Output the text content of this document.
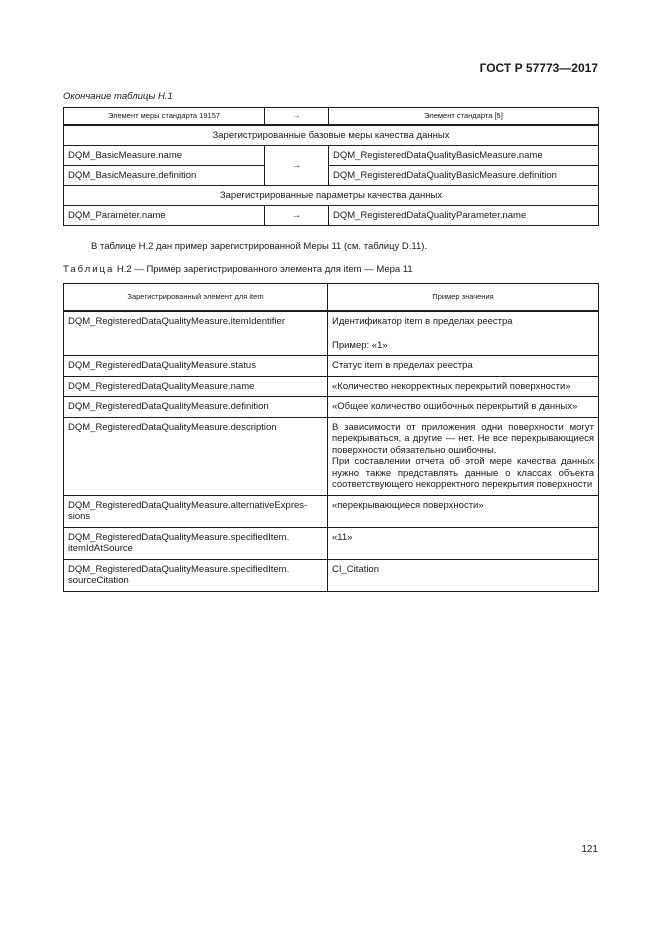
ГОСТ Р 57773—2017
Окончание таблицы Н.1
Элемент меры стандарта 19157	→	Элемент стандарта [5]
Зарегистрированные базовые меры качества данных		
DQM_BasicMeasure.name	→	DQM_RegisteredDataQualityBasicMeasure.name
DQM_BasicMeasure.definition		DQM_RegisteredDataQualityBasicMeasure.definition
Зарегистрированные параметры качества данных		
DQM_Parameter.name	→	DQM_RegisteredDataQualityParameter.name
В таблице Н.2 дан пример зарегистрированной Меры 11 (см. таблицу D.11).
Таблица Н.2 — Пример зарегистрированного элемента для item — Мера 11
Зарегистрированный элемент для item	Пример значения
DQM_RegisteredDataQualityMeasure.itemIdentifier	Идентификатор item в пределах реестра
Пример: «1»

DQM_RegisteredDataQualityMeasure.status	Статус item в пределах реестра
DQM_RegisteredDataQualityMeasure.name	«Количество некорректных перекрытий поверхности»
DQM_RegisteredDataQualityMeasure.definition	«Общее количество ошибочных перекрытий в данных»
DQM_RegisteredDataQualityMeasure.description	В зависимости от приложения одни поверхности могут перекрываться, а другие — нет. Не все перекрывающиеся поверхности обязательно ошибочны.
При составлении отчета об этой мере качества данных нужно также представлять данные о классах объекта соответствующего некорректного перекрытия поверхности

DQM_RegisteredDataQualityMeasure.alternativeExpressions	«перекрывающиеся поверхности»
DQM_RegisteredDataQualityMeasure.specifiedItem. itemIdAtSource	«11»
DQM_RegisteredDataQualityMeasure.specifiedItem. sourceCitation	CI_Citation
121
